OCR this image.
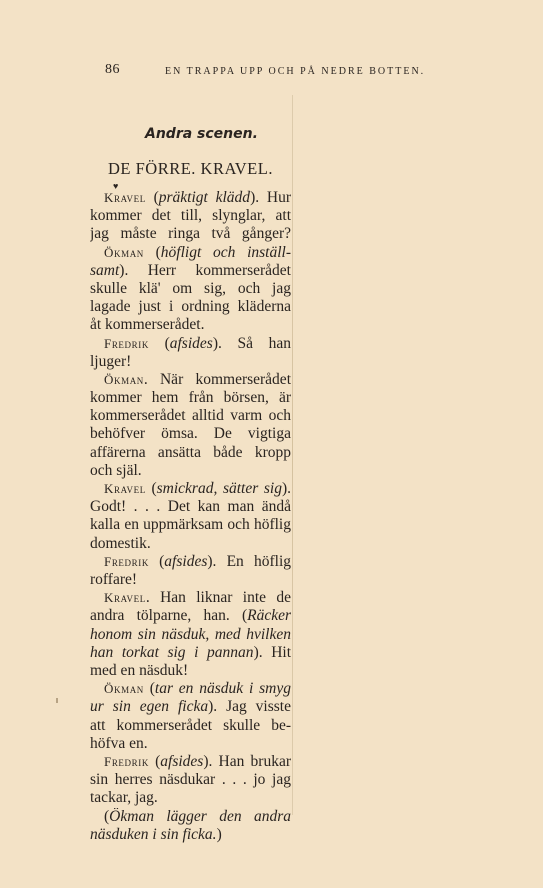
86	EN TRAPPA UPP OCH PÅ NEDRE BOTTEN.
Andra scenen.
DE FÖRRE. KRAVEL.
♥
Kravel (präktigt klädd). Hur
kommer det till, slynglar, att
jag måste ringa två gånger?
Ökman (höfligt och inställ-
samt). Herr kommerserådet
skulle klä' om sig, och jag
lagade just i ordning kläderna
åt kommerserådet.
Fredrik (afsides). Så han
ljuger!
Ökman. När kommerserådet
kommer hem från börsen, är
kommerserådet alltid varm och
behöfver ömsa. De vigtiga
affärerna ansätta både kropp
och själ.
Kravel (smickrad, sätter sig).
Godt! . . . Det kan man ändå
kalla en uppmärksam och höflig
domestik.
Fredrik (afsides). En höflig
roffare!
Kravel. Han liknar inte de
andra tölparne, han. (Räcker
honom sin näsduk, med hvilken
han torkat sig i pannan). Hit
med en näsduk!
Ökman (tar en näsduk i smyg
ur sin egen ficka). Jag visste
att kommerserådet skulle be-
höfva en.
Fredrik (afsides). Han brukar
sin herres näsdukar . . . jo jag
tackar, jag.
(Ökman lägger den andra
näsduken i sin ficka.)
